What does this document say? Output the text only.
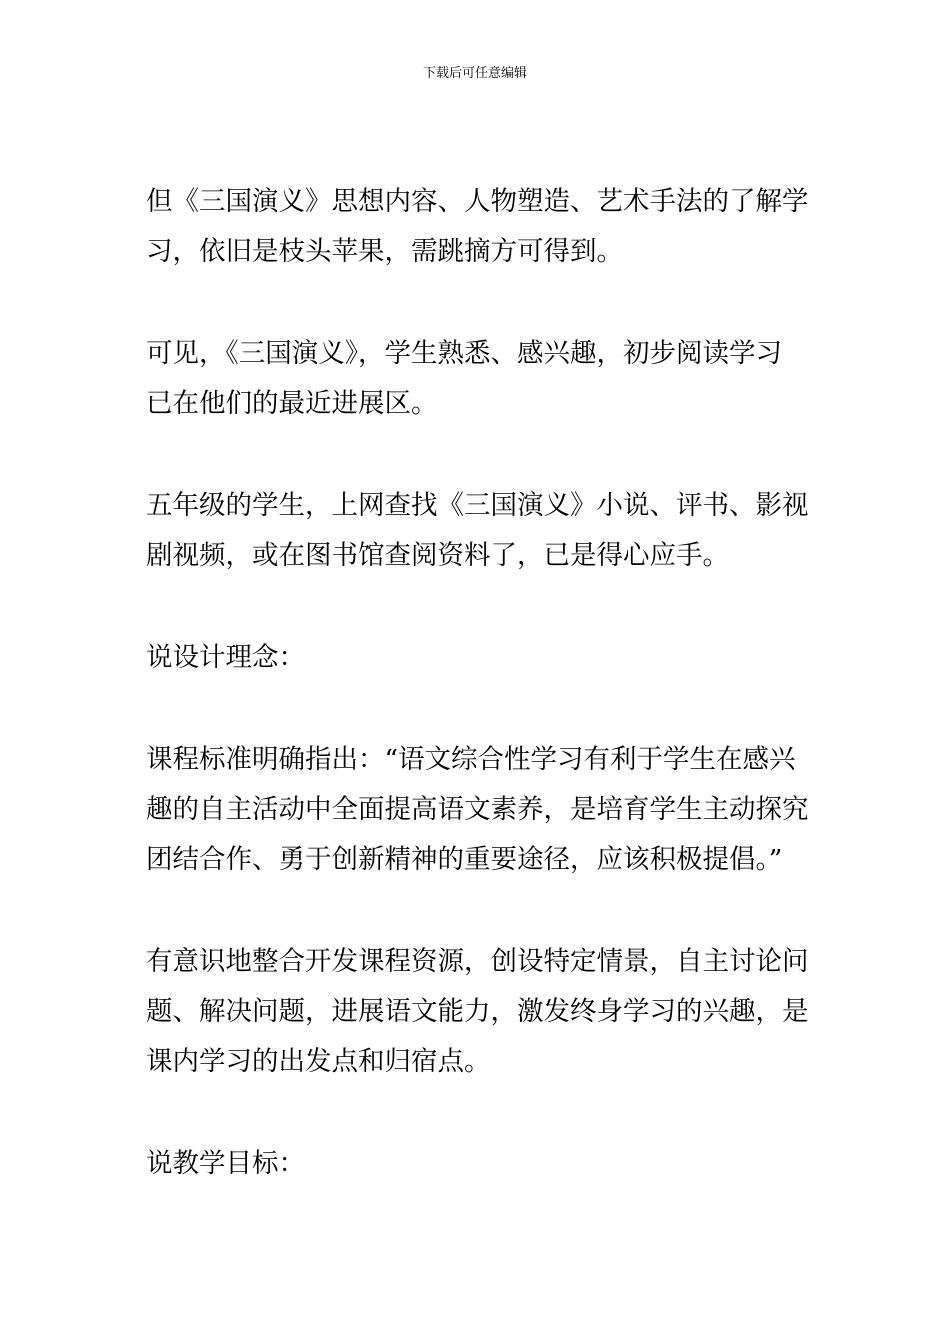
下载后可任意编辑

但《三国演义》思想内容、人物塑造、艺术手法的了解学
习，依旧是枝头苹果，需跳摘方可得到。

可见，《三国演义》，学生熟悉、感兴趣，初步阅读学习
已在他们的最近进展区。

五年级的学生，上网查找《三国演义》小说、评书、影视
剧视频，或在图书馆查阅资料了，已是得心应手。

说设计理念：

课程标准明确指出：“语文综合性学习有利于学生在感兴
趣的自主活动中全面提高语文素养，是培育学生主动探究
团结合作、勇于创新精神的重要途径，应该积极提倡。”

有意识地整合开发课程资源，创设特定情景，自主讨论问
题、解决问题，进展语文能力，激发终身学习的兴趣，是
课内学习的出发点和归宿点。

说教学目标：
